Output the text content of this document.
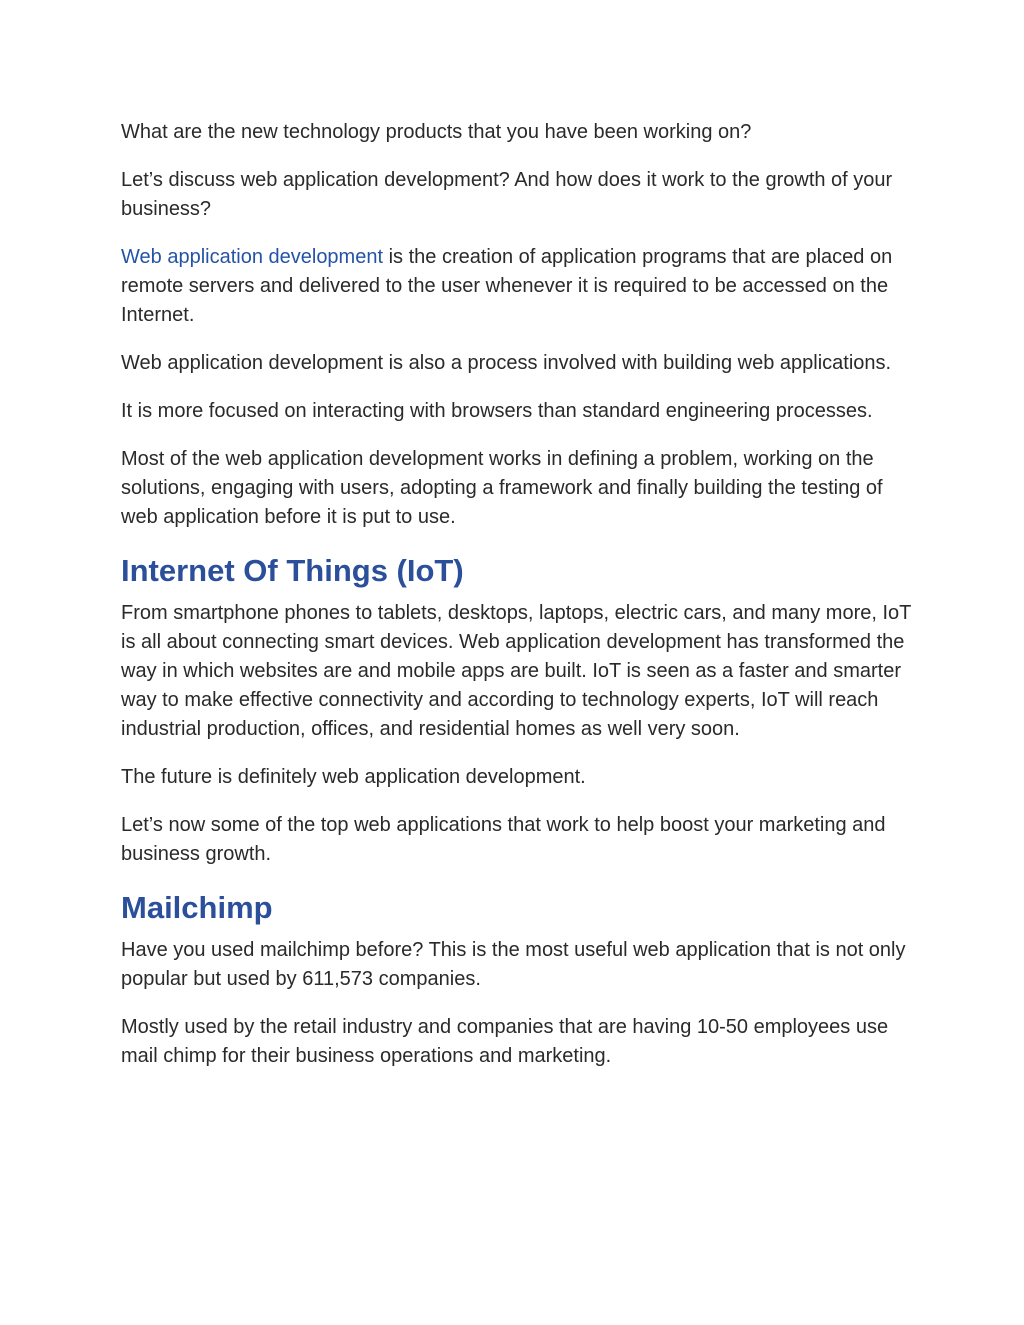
What are the new technology products that you have been working on?

Let’s discuss web application development? And how does it work to the growth of your business?

Web application development is the creation of application programs that are placed on remote servers and delivered to the user whenever it is required to be accessed on the Internet.

Web application development is also a process involved with building web applications.

It is more focused on interacting with browsers than standard engineering processes.

Most of the web application development works in defining a problem, working on the solutions, engaging with users, adopting a framework and finally building the testing of web application before it is put to use.

Internet Of Things (IoT)

From smartphone phones to tablets, desktops, laptops, electric cars, and many more, IoT is all about connecting smart devices. Web application development has transformed the way in which websites are and mobile apps are built. IoT is seen as a faster and smarter way to make effective connectivity and according to technology experts, IoT will reach industrial production, offices, and residential homes as well very soon.

The future is definitely web application development.

Let’s now some of the top web applications that work to help boost your marketing and business growth.

Mailchimp

Have you used mailchimp before? This is the most useful web application that is not only popular but used by 611,573 companies.

Mostly used by the retail industry and companies that are having 10-50 employees use mail chimp for their business operations and marketing.
